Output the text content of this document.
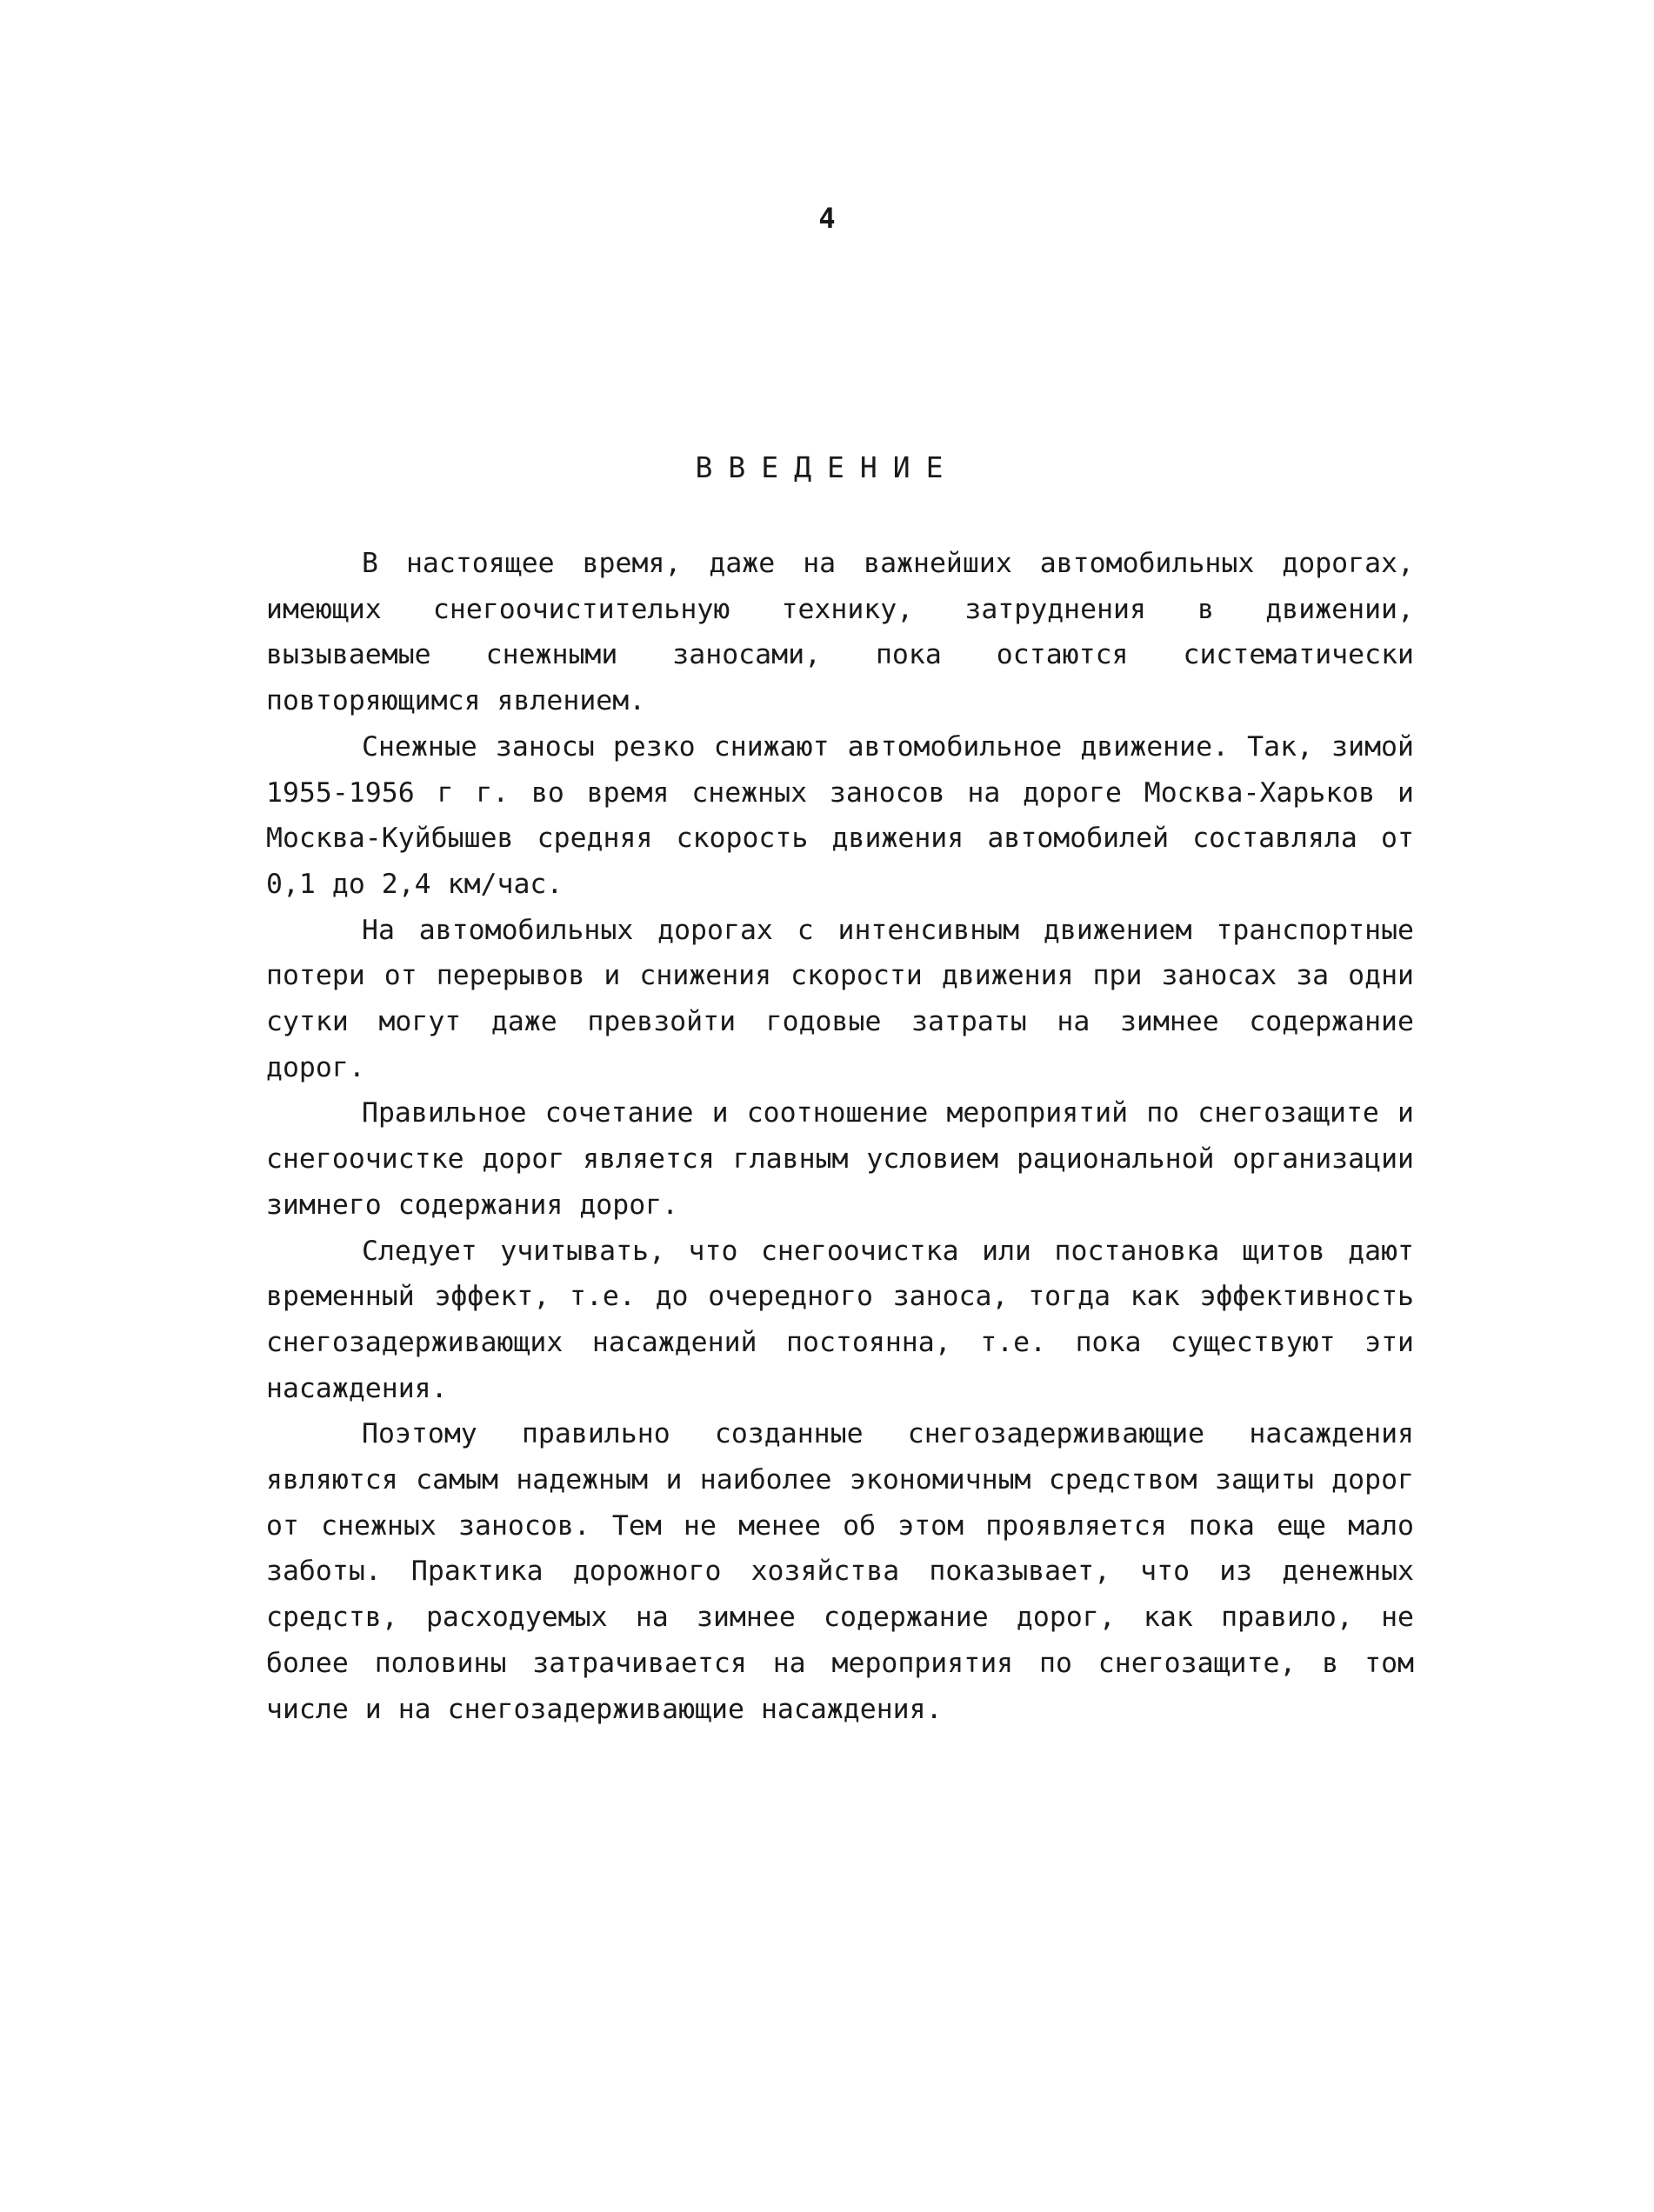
4
ВВЕДЕНИЕ

В настоящее время, даже на важнейших автомобильных дорогах, имеющих снегоочистительную технику, затруднения в движении, вызываемые снежными заносами, пока остаются систематически повторяющимся явлением.

Снежные заносы резко снижают автомобильное движение. Так, зимой 1955-1956 г г. во время снежных заносов на дороге Москва-Харьков и Москва-Куйбышев средняя скорость движения автомобилей составляла от 0,1 до 2,4 км/час.

На автомобильных дорогах с интенсивным движением транспортные потери от перерывов и снижения скорости движения при заносах за одни сутки могут даже превзойти годовые затраты на зимнее содержание дорог.

Правильное сочетание и соотношение мероприятий по снегозащите и снегоочистке дорог является главным условием рациональной организации зимнего содержания дорог.

Следует учитывать, что снегоочистка или постановка щитов дают временный эффект, т.е. до очередного заноса, тогда как эффективность снегозадерживающих насаждений постоянна, т.е. пока существуют эти насаждения.

Поэтому правильно созданные снегозадерживающие насаждения являются самым надежным и наиболее экономичным средством защиты дорог от снежных заносов. Тем не менее об этом проявляется пока еще мало заботы. Практика дорожного хозяйства показывает, что из денежных средств, расходуемых на зимнее содержание дорог, как правило, не более половины затрачивается на мероприятия по снегозащите, в том числе и на снегозадерживающие насаждения.
